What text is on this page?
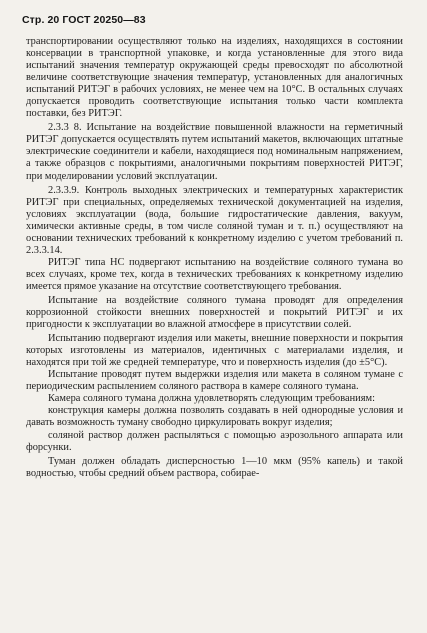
Стр. 20 ГОСТ 20250—83

транспортировании осуществляют только на изделиях, находящихся в состоянии консервации в транспортной упаковке, и когда установленные для этого вида испытаний значения температур окружающей среды превосходят по абсолютной величине соответствующие значения температур, установленных для аналогичных испытаний РИТЭГ в рабочих условиях, не менее чем на 10°С. В остальных случаях допускается проводить соответствующие испытания только части комплекта поставки, без РИТЭГ.

2.3.3 8. Испытание на воздействие повышенной влажности на герметичный РИТЭГ допускается осуществлять путем испытаний макетов, включающих штатные электрические соединители и кабели, находящиеся под номинальным напряжением, а также образцов с покрытиями, аналогичными покрытиям поверхностей РИТЭГ, при моделировании условий эксплуатации.

2.3.3.9. Контроль выходных электрических и температурных характеристик РИТЭГ при специальных, определяемых технической документацией на изделия, условиях эксплуатации (вода, большие гидростатические давления, вакуум, химически активные среды, в том числе соляной туман и т. п.) осуществляют на основании технических требований к конкретному изделию с учетом требований п. 2.3.3.14.

РИТЭГ типа НС подвергают испытанию на воздействие соляного тумана во всех случаях, кроме тех, когда в технических требованиях к конкретному изделию имеется прямое указание на отсутствие соответствующего требования.

Испытание на воздействие соляного тумана проводят для определения коррозионной стойкости внешних поверхностей и покрытий РИТЭГ и их пригодности к эксплуатации во влажной атмосфере в присутствии солей.

Испытанию подвергают изделия или макеты, внешние поверхности и покрытия которых изготовлены из материалов, идентичных с материалами изделия, и находятся при той же средней температуре, что и поверхность изделия (до ±5°С).

Испытание проводят путем выдержки изделия или макета в соляном тумане с периодическим распылением соляного раствора в камере соляного тумана.

Камера соляного тумана должна удовлетворять следующим требованиям:

конструкция камеры должна позволять создавать в ней однородные условия и давать возможность туману свободно циркулировать вокруг изделия;

соляной раствор должен распыляться с помощью аэрозольного аппарата или форсунки.

Туман должен обладать дисперсностью 1—10 мкм (95% капель) и такой водностью, чтобы средний объем раствора, собирае-
